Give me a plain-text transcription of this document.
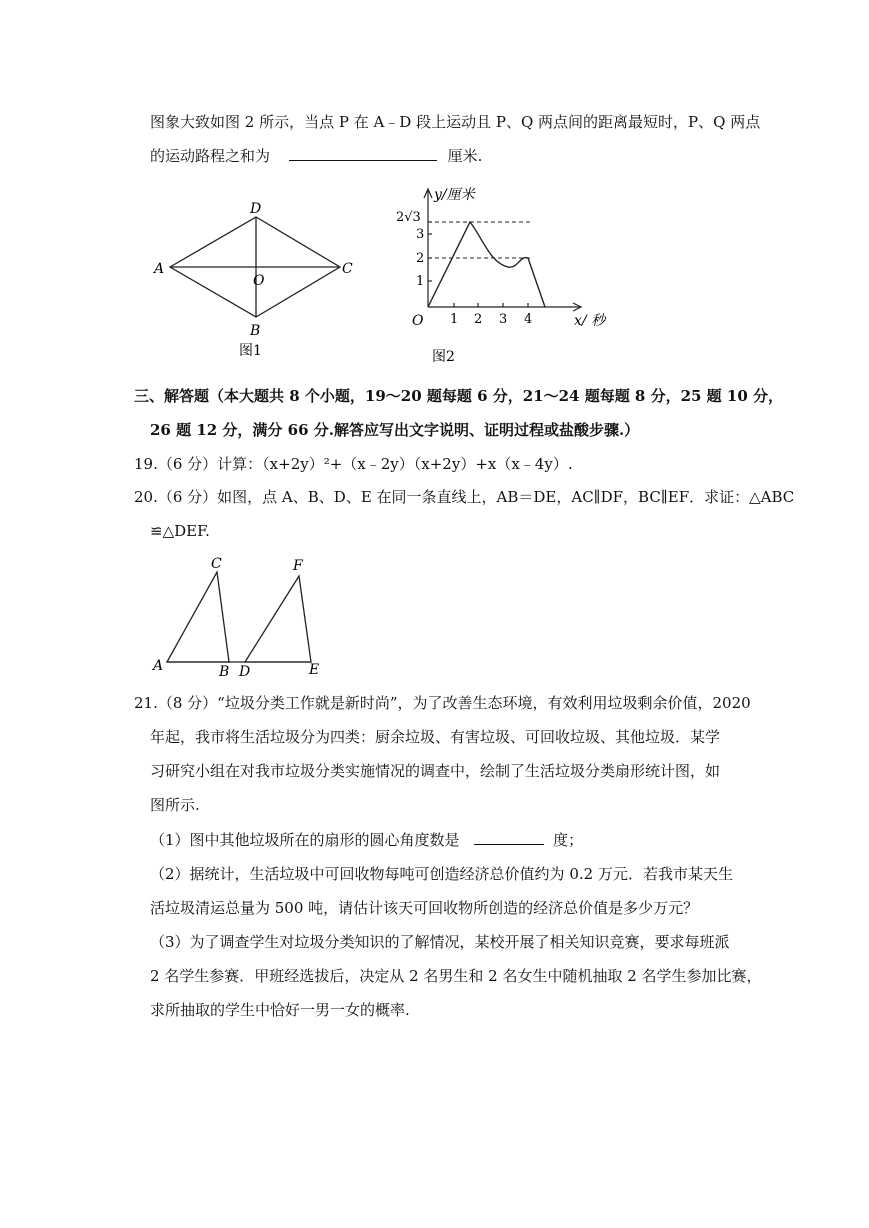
图象大致如图 2 所示，当点 P 在 A﹣D 段上运动且 P、Q 两点间的距离最短时，P、Q 两点
的运动路程之和为	厘米.
A
D
C
B
O
图1
y/厘米
x/ 秒
O
1
2
3
2√3
1 2 3 4
图2
三、解答题（本大题共 8 个小题，19～20 题每题 6 分，21～24 题每题 8 分，25 题 10 分，
26 题 12 分，满分 66 分.解答应写出文字说明、证明过程或盐酸步骤.）
19.（6 分）计算：（x+2y）²+（x﹣2y）（x+2y）+x（x﹣4y）.
20.（6 分）如图，点 A、B、D、E 在同一条直线上，AB＝DE，AC∥DF，BC∥EF．求证：△ABC
≌△DEF.
A	B
C
D	E
F
21.（8 分）“垃圾分类工作就是新时尚”，为了改善生态环境，有效利用垃圾剩余价值，2020
年起，我市将生活垃圾分为四类：厨余垃圾、有害垃圾、可回收垃圾、其他垃圾．某学
习研究小组在对我市垃圾分类实施情况的调查中，绘制了生活垃圾分类扇形统计图，如
图所示.
（1）图中其他垃圾所在的扇形的圆心角度数是	度；
（2）据统计，生活垃圾中可回收物每吨可创造经济总价值约为 0.2 万元．若我市某天生
活垃圾清运总量为 500 吨，请估计该天可回收物所创造的经济总价值是多少万元？
（3）为了调查学生对垃圾分类知识的了解情况，某校开展了相关知识竞赛，要求每班派
2 名学生参赛．甲班经选拔后，决定从 2 名男生和 2 名女生中随机抽取 2 名学生参加比赛，
求所抽取的学生中恰好一男一女的概率.
